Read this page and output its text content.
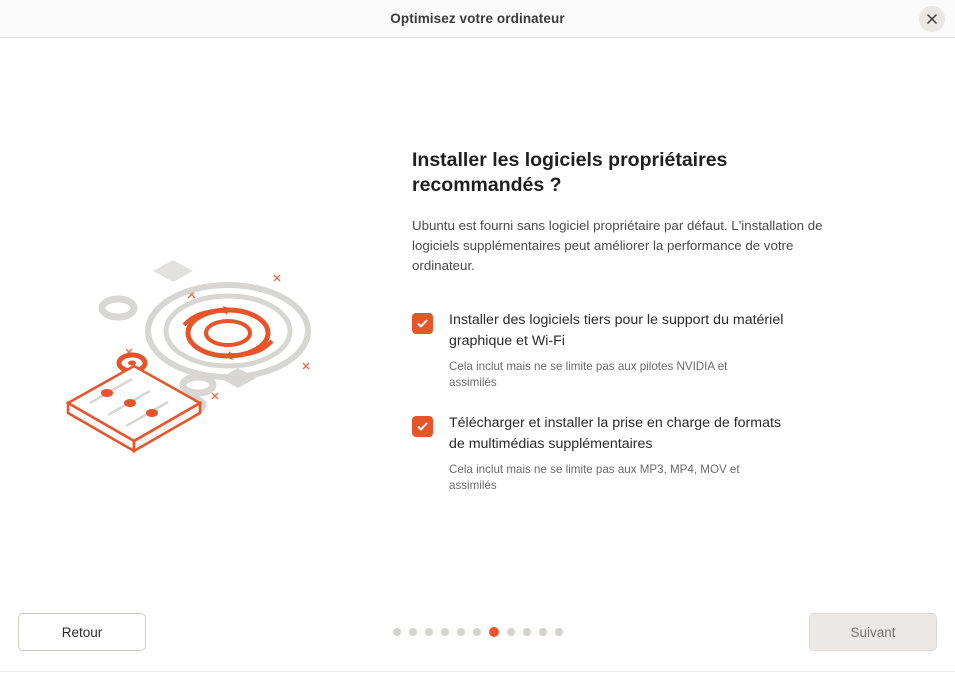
Optimisez votre ordinateur
Installer les logiciels propriétaires recommandés ?

Ubuntu est fourni sans logiciel propriétaire par défaut. L'installation de logiciels supplémentaires peut améliorer la performance de votre ordinateur.

Installer des logiciels tiers pour le support du matériel graphique et Wi-Fi

Cela inclut mais ne se limite pas aux pilotes NVIDIA et assimilés

Télécharger et installer la prise en charge de formats de multimédias supplémentaires

Cela inclut mais ne se limite pas aux MP3, MP4, MOV et assimilés

Retour	Suivant
